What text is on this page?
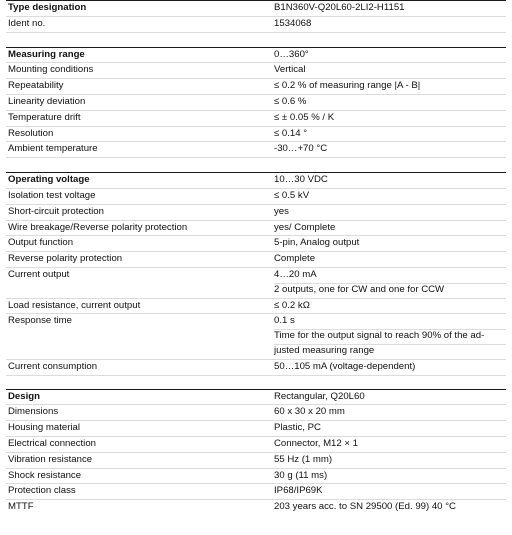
Type designation	B1N360V-Q20L60-2LI2-H1151
Ident no.	1534068
Measuring range	0…360°
Mounting conditions	Vertical
Repeatability	≤ 0.2 % of measuring range |A - B|
Linearity deviation	≤ 0.6 %
Temperature drift	≤ ± 0.05 % / K
Resolution	≤ 0.14 °
Ambient temperature	-30…+70 °C
Operating voltage	10…30 VDC
Isolation test voltage	≤ 0.5 kV
Short-circuit protection	yes
Wire breakage/Reverse polarity protection	yes/ Complete
Output function	5-pin, Analog output
Reverse polarity protection	Complete
Current output	4…20 mA
2 outputs, one for CW and one for CCW
Load resistance, current output	≤ 0.2 kΩ
Response time	0.1 s
Time for the output signal to reach 90% of the ad-
justed measuring range
Current consumption	50…105 mA (voltage-dependent)
Design	Rectangular, Q20L60
Dimensions	60 x 30 x 20 mm
Housing material	Plastic, PC
Electrical connection	Connector, M12 × 1
Vibration resistance	55 Hz (1 mm)
Shock resistance	30 g (11 ms)
Protection class	IP68/IP69K
MTTF	203 years acc. to SN 29500 (Ed. 99) 40 °C
